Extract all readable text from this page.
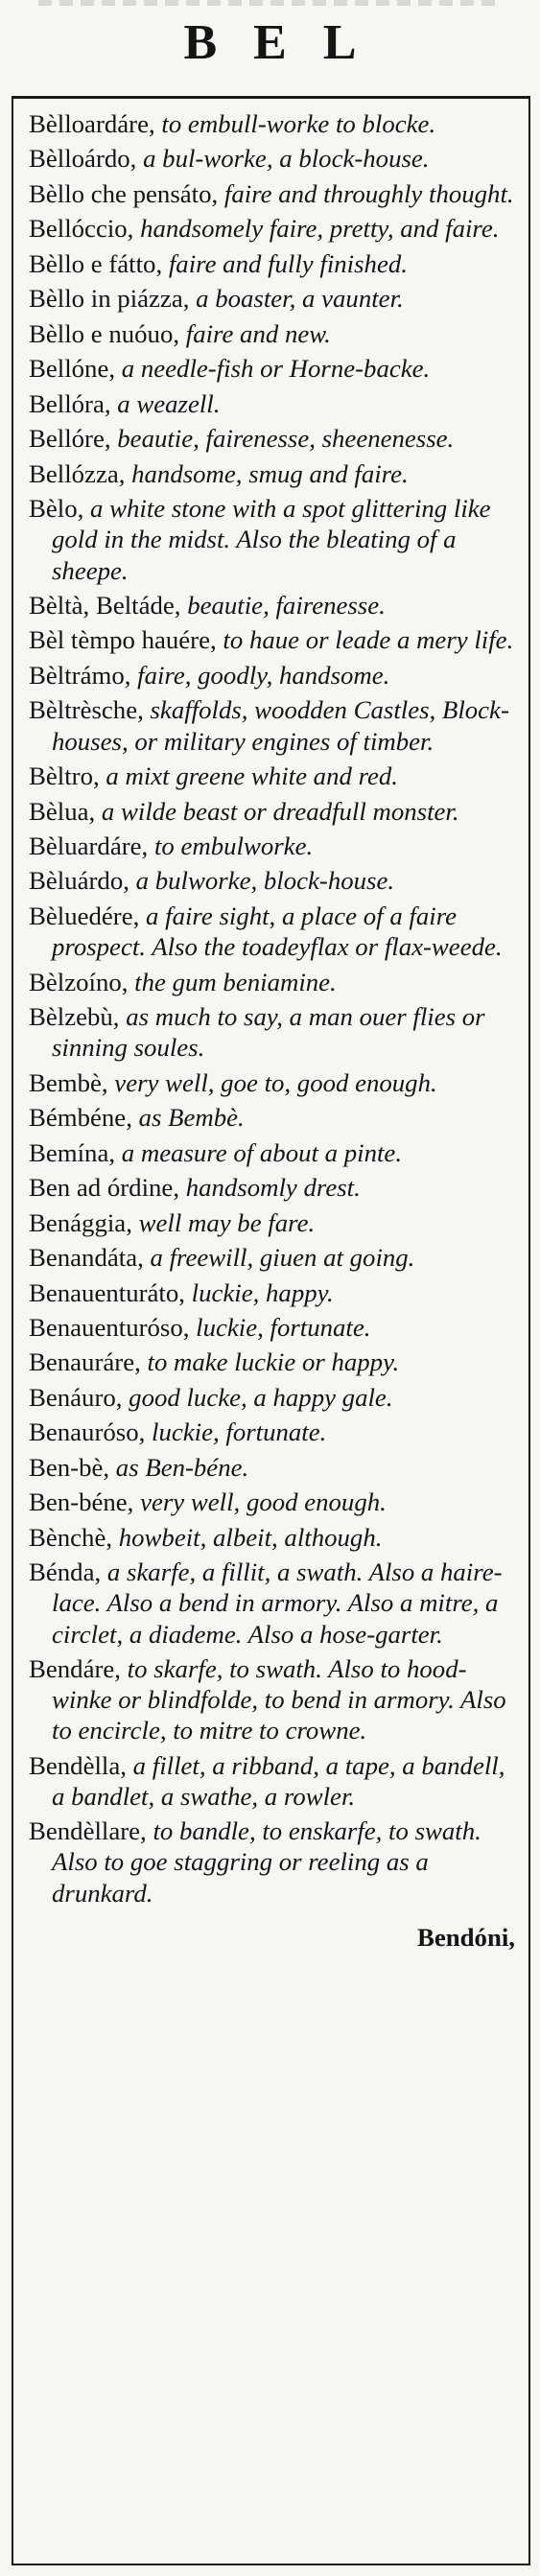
BEL
Bèlloardáre, to embull-worke to blocke.
Bèlloárdo, a bul-worke, a block-house.
Bèllo che pensáto, faire and throughly thought.
Bellóccio, handsomely faire, pretty, and faire.
Bèllo e fátto, faire and fully finished.
Bèllo in piázza, a boaster, a vaunter.
Bèllo e nuóuo, faire and new.
Bellóne, a needle-fish or Horne-backe.
Bellóra, a weazell.
Bellóre, beautie, fairenesse, sheenenesse.
Bellózza, handsome, smug and faire.
Bèlo, a white stone with a spot glittering like gold in the midst. Also the bleating of a sheepe.
Bèltà, Beltáde, beautie, fairenesse.
Bèl tèmpo hauére, to haue or leade a mery life.
Bèltrámo, faire, goodly, handsome.
Bèltrèsche, skaffolds, woodden Castles, Block-houses, or military engines of timber.
Bèltro, a mixt greene white and red.
Bèlua, a wilde beast or dreadfull monster.
Bèluardáre, to embulworke.
Bèluárdo, a bulworke, block-house.
Bèluedére, a faire sight, a place of a faire prospect. Also the toadeyflax or flax-weede.
Bèlzoíno, the gum beniamine.
Bèlzebù, as much to say, a man ouer flies or sinning soules.
Bembè, very well, goe to, good enough.
Bémbéne, as Bembè.
Bemína, a measure of about a pinte.
Ben ad órdine, handsomly drest.
Benággia, well may be fare.
Benandáta, a freewill, giuen at going.
Benauenturáto, luckie, happy.
Benauenturóso, luckie, fortunate.
Benauráre, to make luckie or happy.
Benáuro, good lucke, a happy gale.
Benauróso, luckie, fortunate.
Ben-bè, as Ben-béne.
Ben-béne, very well, good enough.
Bènchè, howbeit, albeit, although.
Bénda, a skarfe, a fillit, a swath. Also a haire-lace. Also a bend in armory. Also a mitre, a circlet, a diademe. Also a hose-garter.
Bendáre, to skarfe, to swath. Also to hood-winke or blindfolde, to bend in armory. Also to encircle, to mitre to crowne.
Bendèlla, a fillet, a ribband, a tape, a bandell, a bandlet, a swathe, a rowler.
Bendèllare, to bandle, to enskarfe, to swath. Also to goe staggring or reeling as a drunkard.
Bendóni,
